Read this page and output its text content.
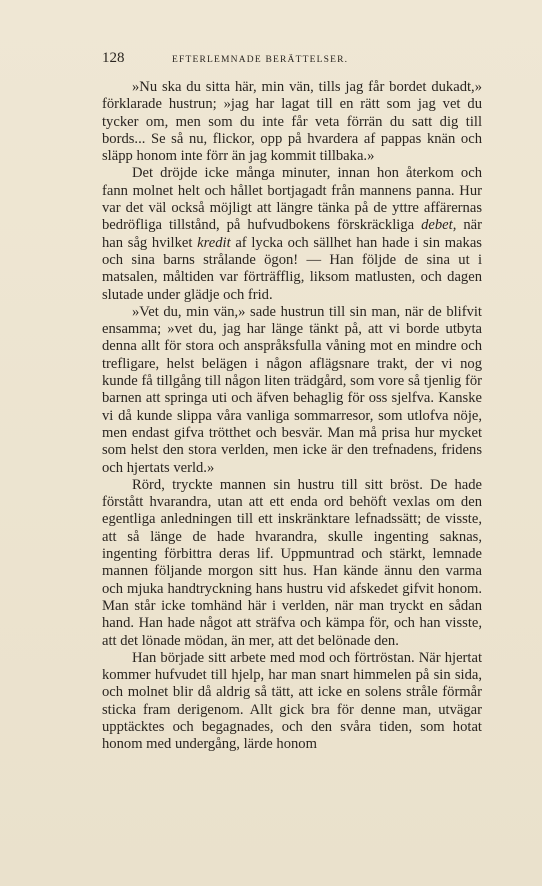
128	EFTERLEMNADE BERÄTTELSER.

»Nu ska du sitta här, min vän, tills jag får bordet dukadt,» förklarade hustrun; »jag har lagat till en rätt som jag vet du tycker om, men som du inte får veta förrän du satt dig till bords... Se så nu, flickor, opp på hvardera af pappas knän och släpp honom inte förr än jag kommit tillbaka.»

Det dröjde icke många minuter, innan hon återkom och fann molnet helt och hållet bortjagadt från mannens panna. Hur var det väl också möjligt att längre tänka på de yttre affärernas bedröfliga tillstånd, på hufvudbokens förskräckliga debet, när han såg hvilket kredit af lycka och sällhet han hade i sin makas och sina barns strålande ögon! — Han följde de sina ut i matsalen, måltiden var förträfflig, liksom matlusten, och dagen slutade under glädje och frid.

»Vet du, min vän,» sade hustrun till sin man, när de blifvit ensamma; »vet du, jag har länge tänkt på, att vi borde utbyta denna allt för stora och anspråksfulla våning mot en mindre och trefligare, helst belägen i någon aflägsnare trakt, der vi nog kunde få tillgång till någon liten trädgård, som vore så tjenlig för barnen att springa uti och äfven behaglig för oss sjelfva. Kanske vi då kunde slippa våra vanliga sommarresor, som utlofva nöje, men endast gifva trötthet och besvär. Man må prisa hur mycket som helst den stora verlden, men icke är den trefnadens, fridens och hjertats verld.»

Rörd, tryckte mannen sin hustru till sitt bröst. De hade förstått hvarandra, utan att ett enda ord behöft vexlas om den egentliga anledningen till ett inskränktare lefnadssätt; de visste, att så länge de hade hvarandra, skulle ingenting saknas, ingenting förbittra deras lif. Uppmuntrad och stärkt, lemnade mannen följande morgon sitt hus. Han kände ännu den varma och mjuka handtryckning hans hustru vid afskedet gifvit honom. Man står icke tomhänd här i verlden, när man tryckt en sådan hand. Han hade något att sträfva och kämpa för, och han visste, att det lönade mödan, än mer, att det belönade den.

Han började sitt arbete med mod och förtröstan. När hjertat kommer hufvudet till hjelp, har man snart himmelen på sin sida, och molnet blir då aldrig så tätt, att icke en solens stråle förmår sticka fram derigenom. Allt gick bra för denne man, utvägar upptäcktes och begagnades, och den svåra tiden, som hotat honom med undergång, lärde honom
